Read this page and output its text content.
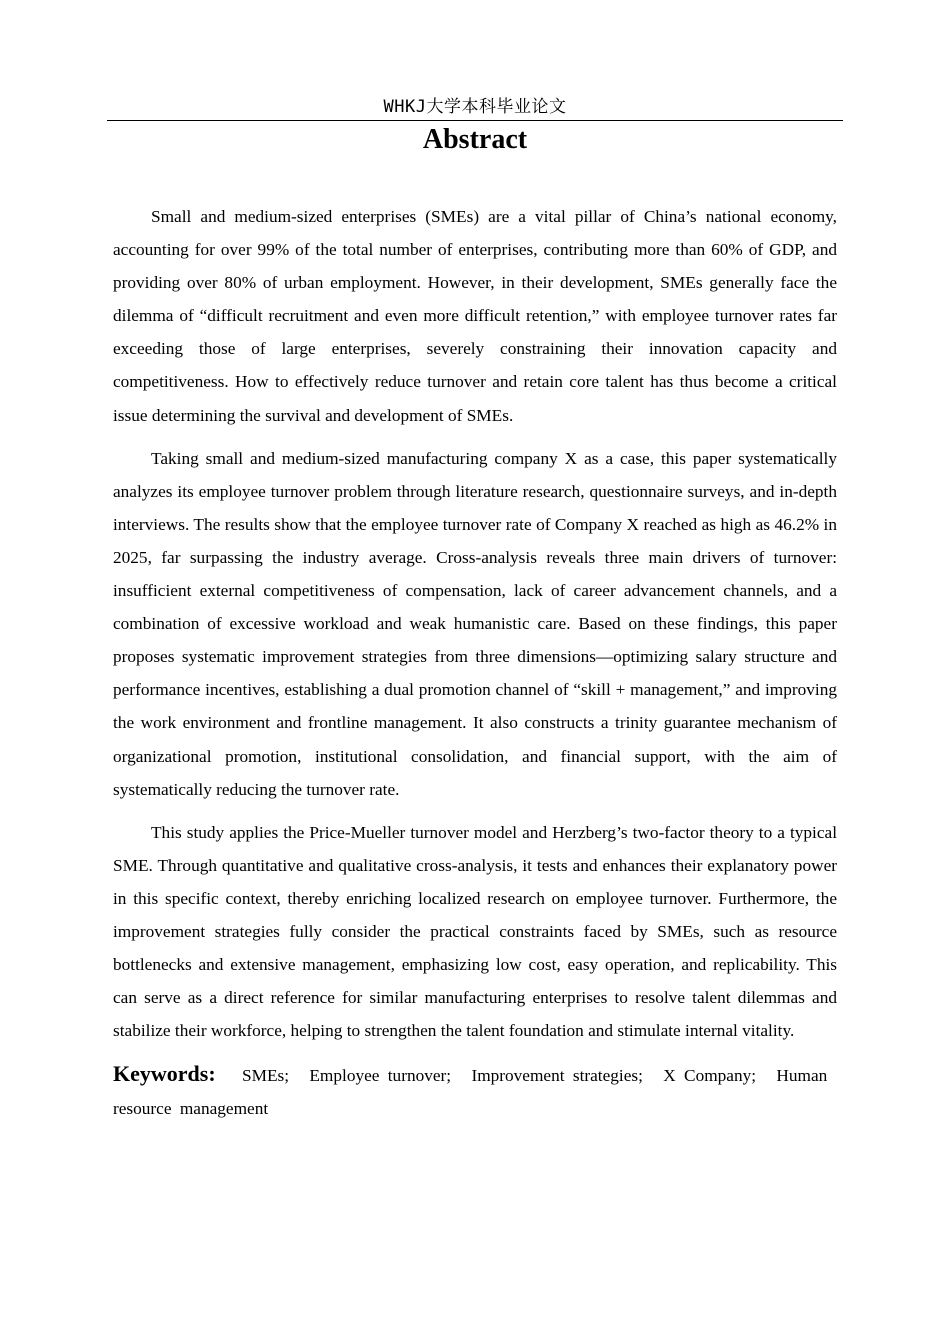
WHKJ大学本科毕业论文
Abstract

Small and medium-sized enterprises (SMEs) are a vital pillar of China’s national economy, accounting for over 99% of the total number of enterprises, contributing more than 60% of GDP, and providing over 80% of urban employment. However, in their development, SMEs generally face the dilemma of “difficult recruitment and even more difficult retention,” with employee turnover rates far exceeding those of large enterprises, severely constraining their innovation capacity and competitiveness. How to effectively reduce turnover and retain core talent has thus become a critical issue determining the survival and development of SMEs.

Taking small and medium-sized manufacturing company X as a case, this paper systematically analyzes its employee turnover problem through literature research, questionnaire surveys, and in-depth interviews. The results show that the employee turnover rate of Company X reached as high as 46.2% in 2025, far surpassing the industry average. Cross-analysis reveals three main drivers of turnover: insufficient external competitiveness of compensation, lack of career advancement channels, and a combination of excessive workload and weak humanistic care. Based on these findings, this paper proposes systematic improvement strategies from three dimensions—optimizing salary structure and performance incentives, establishing a dual promotion channel of “skill + management,” and improving the work environment and frontline management. It also constructs a trinity guarantee mechanism of organizational promotion, institutional consolidation, and financial support, with the aim of systematically reducing the turnover rate.

This study applies the Price-Mueller turnover model and Herzberg’s two-factor theory to a typical SME. Through quantitative and qualitative cross-analysis, it tests and enhances their explanatory power in this specific context, thereby enriching localized research on employee turnover. Furthermore, the improvement strategies fully consider the practical constraints faced by SMEs, such as resource bottlenecks and extensive management, emphasizing low cost, easy operation, and replicability. This can serve as a direct reference for similar manufacturing enterprises to resolve talent dilemmas and stabilize their workforce, helping to strengthen the talent foundation and stimulate internal vitality.

Keywords: SMEs; Employee turnover; Improvement strategies; X Company; Human resource management
